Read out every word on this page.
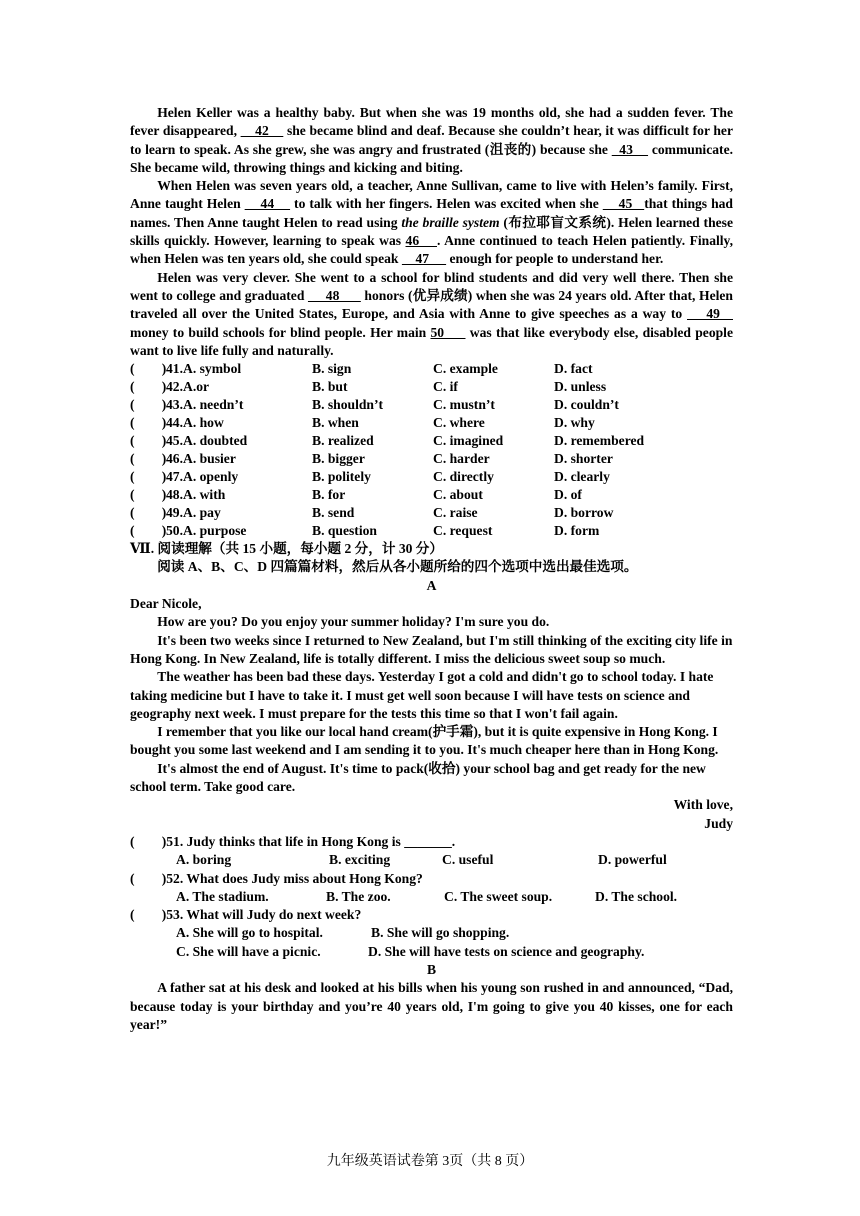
Helen Keller was a healthy baby. But when she was 19 months old, she had a sudden fever. The fever disappeared,     42     she became blind and deaf. Because she couldn’t hear, it was difficult for her to learn to speak. As she grew, she was angry and frustrated (沮丧的) because she   43     communicate. She became wild, throwing things and kicking and biting.

When Helen was seven years old, a teacher, Anne Sullivan, came to live with Helen’s family. First, Anne taught Helen     44     to talk with her fingers. Helen was excited when she     45   that things had names. Then Anne taught Helen to read using the braille system (布拉耶盲文系统). Helen learned these skills quickly. However, learning to speak was 46    . Anne continued to teach Helen patiently. Finally, when Helen was ten years old, she could speak     47      enough for people to understand her.

Helen was very clever. She went to a school for blind students and did very well there. Then she went to college and graduated      48       honors (优异成绩) when she was 24 years old. After that, Helen traveled all over the United States, Europe, and Asia with Anne to give speeches as a way to     49    money to build schools for blind people. Her main 50      was that like everybody else, disabled people want to live life fully and naturally.

(        ) 41.A. symbol	B. sign	C. example	D. fact
(        ) 42.A.or	B. but	C. if	D. unless
(        ) 43.A. needn’t	B. shouldn’t	C. mustn’t	D. couldn’t
(        ) 44.A. how	B. when	C. where	D. why
(        ) 45.A. doubted	B. realized	C. imagined	D. remembered
(        ) 46.A. busier	B. bigger	C. harder	D. shorter
(        ) 47.A. openly	B. politely	C. directly	D. clearly
(        ) 48.A. with	B. for	C. about	D. of
(        ) 49.A. pay	B. send	C. raise	D. borrow
(        ) 50.A. purpose	B. question	C. request	D. form

Ⅶ. 阅读理解（共 15 小题，每小题 2 分，计 30 分）

阅读 A、B、C、D 四篇篇材料，然后从各小题所给的四个选项中选出最佳选项。

A

Dear Nicole,

How are you? Do you enjoy your summer holiday? I'm sure you do.

It's been two weeks since I returned to New Zealand, but I'm still thinking of the exciting city life in Hong Kong. In New Zealand, life is totally different. I miss the delicious sweet soup so much.

The weather has been bad these days. Yesterday I got a cold and didn't go to school today. I hate taking medicine but I have to take it. I must get well soon because I will have tests on science and geography next week. I must prepare for the tests this time so that I won't fail again.

I remember that you like our local hand cream(护手霜), but it is quite expensive in Hong Kong. I bought you some last weekend and I am sending it to you. It's much cheaper here than in Hong Kong.

It's almost the end of August. It's time to pack(收拾) your school bag and get ready for the new school term. Take good care.

With love,

Judy

(        )51. Judy thinks that life in Hong Kong is _______.

A. boring	B. exciting	C. useful	D. powerful

(        )52. What does Judy miss about Hong Kong?

A. The stadium.	B. The zoo.	C. The sweet soup.	D. The school.

(        )53. What will Judy do next week?

A. She will go to hospital.	B. She will go shopping.
C. She will have a picnic.	D. She will have tests on science and geography.

B

A father sat at his desk and looked at his bills when his young son rushed in and announced, “Dad, because today is your birthday and you’re 40 years old, I'm going to give you 40 kisses, one for each year!”

九年级英语试卷第 3页（共 8 页）
